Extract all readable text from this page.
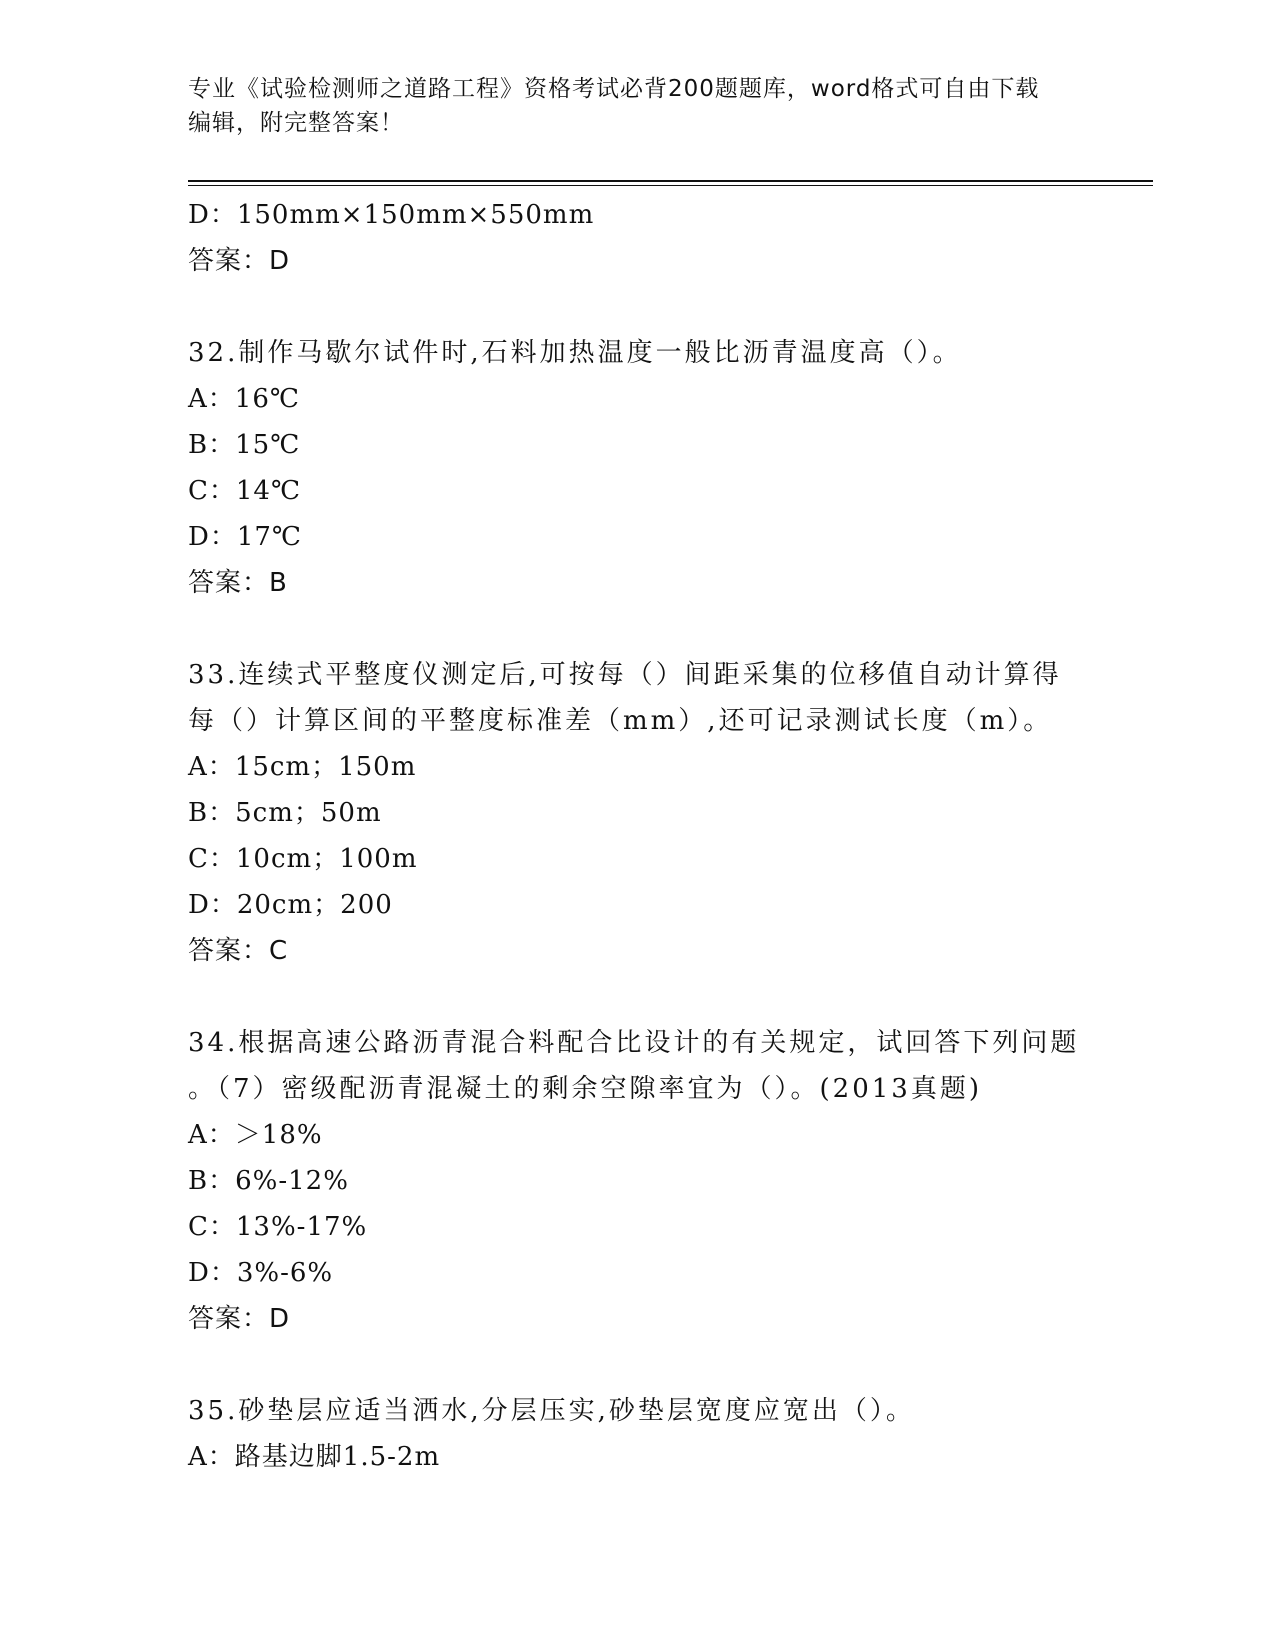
专业《试验检测师之道路工程》资格考试必背200题题库，word格式可自由下载
编辑，附完整答案！
D：150mm×150mm×550mm
答案：D
32.制作马歇尔试件时,石料加热温度一般比沥青温度高（）。
A：16℃
B：15℃
C：14℃
D：17℃
答案：B
33.连续式平整度仪测定后,可按每（）间距采集的位移值自动计算得
每（）计算区间的平整度标准差（mm）,还可记录测试长度（m）。
A：15cm；150m
B：5cm；50m
C：10cm；100m
D：20cm；200
答案：C
34.根据高速公路沥青混合料配合比设计的有关规定，试回答下列问题
。（7）密级配沥青混凝土的剩余空隙率宜为（）。(2013真题)
A：＞18%
B：6%-12%
C：13%-17%
D：3%-6%
答案：D
35.砂垫层应适当洒水,分层压实,砂垫层宽度应宽出（）。
A：路基边脚1.5-2m
